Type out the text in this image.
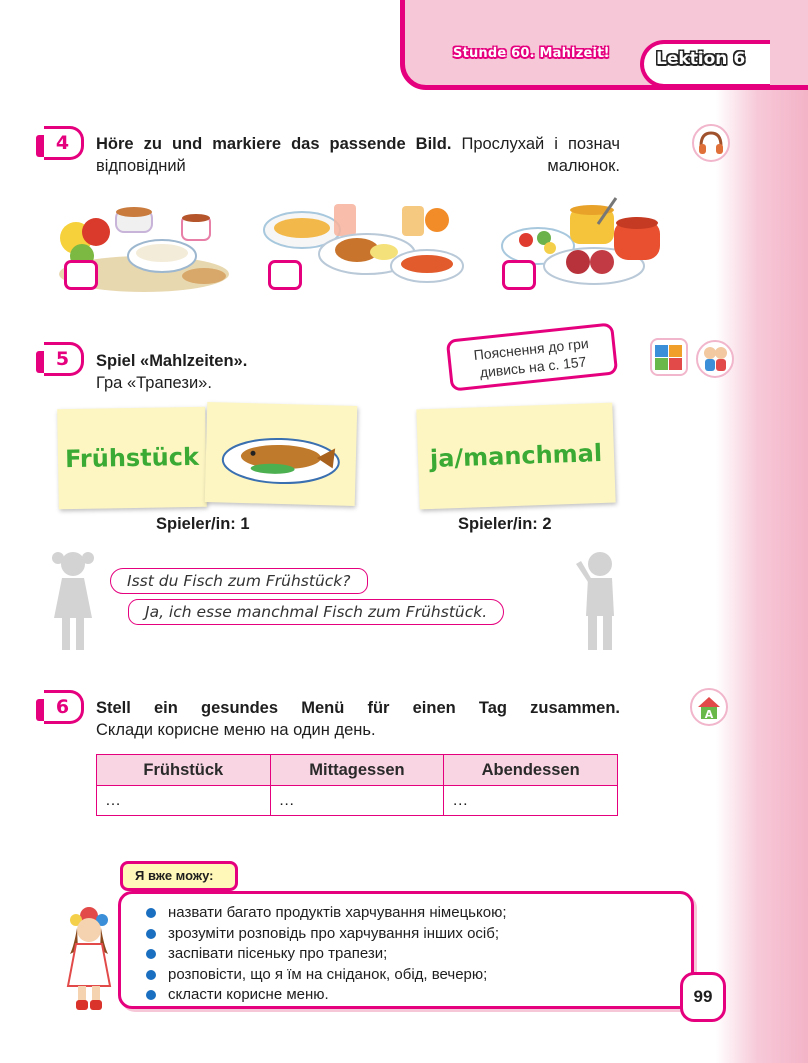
Stunde 60. Mahlzeit!	Lektion 6
4	Höre zu und markiere das passende Bild. Прослухай і познач відповідний малюнок.
5	Spiel «Mahlzeiten».
Гра «Трапези».
Пояснення до гри дивись на с. 157
Frühstück	ja/manchmal
Spieler/in: 1	Spieler/in: 2
Isst du Fisch zum Frühstück?
Ja, ich esse manchmal Fisch zum Frühstück.
6	Stell ein gesundes Menü für einen Tag zusammen.
Склади корисне меню на один день.
A
Frühstück	Mittagessen	Abendessen
…	…	…
Я вже можу:
назвати багато продуктів харчування німецькою;
зрозуміти розповідь про харчування інших осіб;
заспівати пісеньку про трапези;
розповісти, що я їм на сніданок, обід, вечерю;
скласти корисне меню.	99
